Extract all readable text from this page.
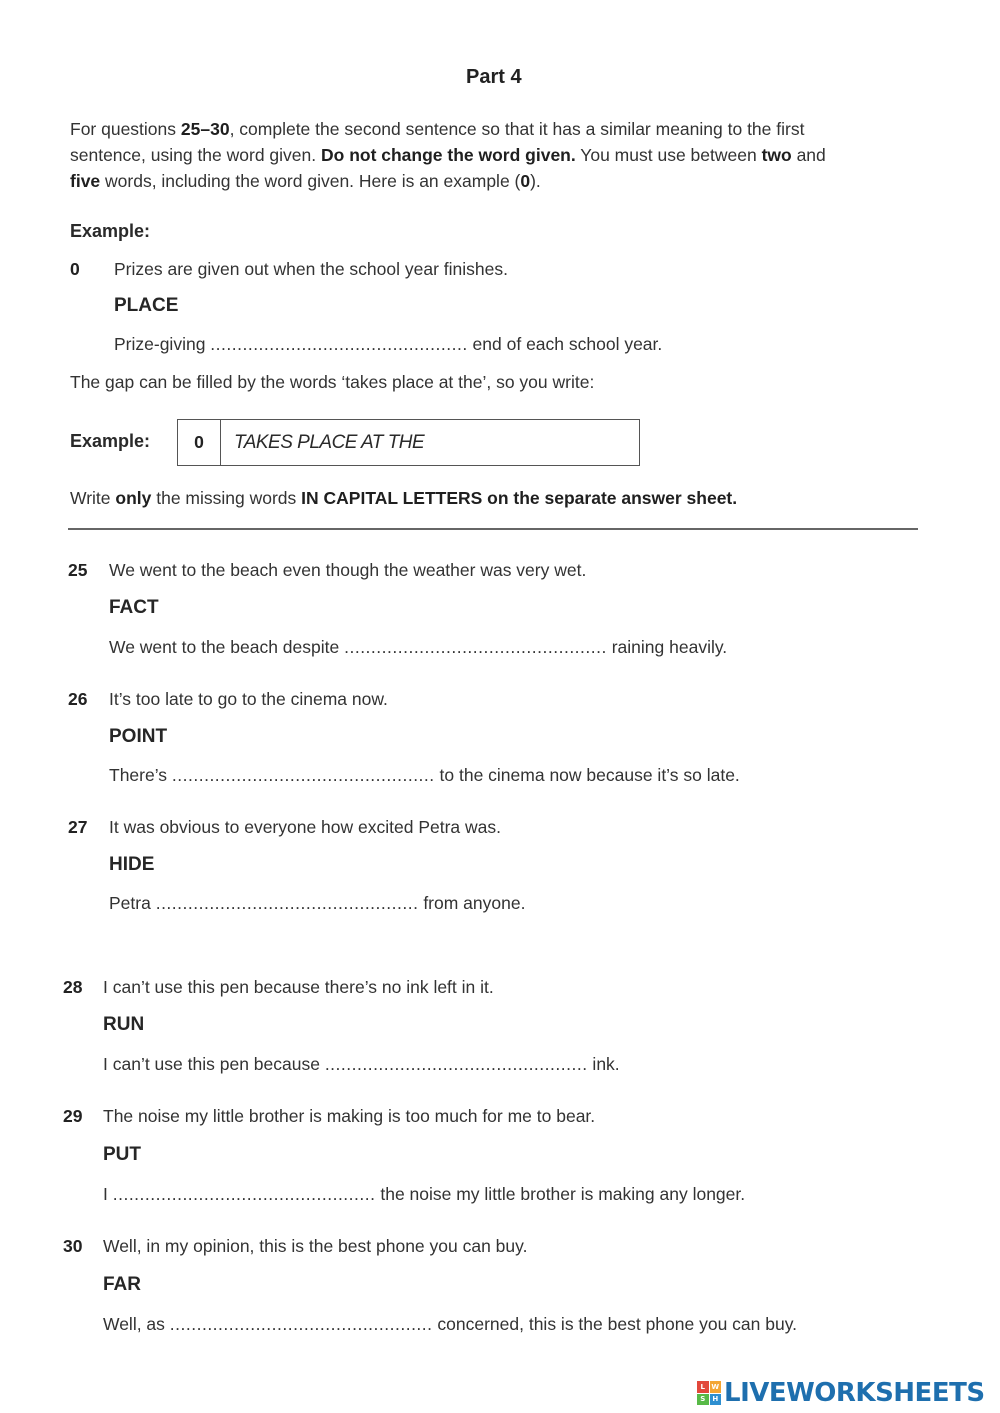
Part 4
For questions 25–30, complete the second sentence so that it has a similar meaning to the first
sentence, using the word given. Do not change the word given. You must use between two and
five words, including the word given. Here is an example (0).
Example:
0 Prizes are given out when the school year finishes.
PLACE
Prize-giving ................................................ end of each school year.
The gap can be filled by the words ‘takes place at the’, so you write:
Example:	0	TAKES PLACE AT THE
Write only the missing words IN CAPITAL LETTERS on the separate answer sheet.
25 We went to the beach even though the weather was very wet.
FACT
We went to the beach despite ................................................. raining heavily.
26 It’s too late to go to the cinema now.
POINT
There’s ................................................. to the cinema now because it’s so late.
27 It was obvious to everyone how excited Petra was.
HIDE
Petra ................................................. from anyone.
28 I can’t use this pen because there’s no ink left in it.
RUN
I can’t use this pen because ................................................. ink.
29 The noise my little brother is making is too much for me to bear.
PUT
I ................................................. the noise my little brother is making any longer.
30 Well, in my opinion, this is the best phone you can buy.
FAR
Well, as ................................................. concerned, this is the best phone you can buy.
L W
S	H LIVEWORKSHEETS
